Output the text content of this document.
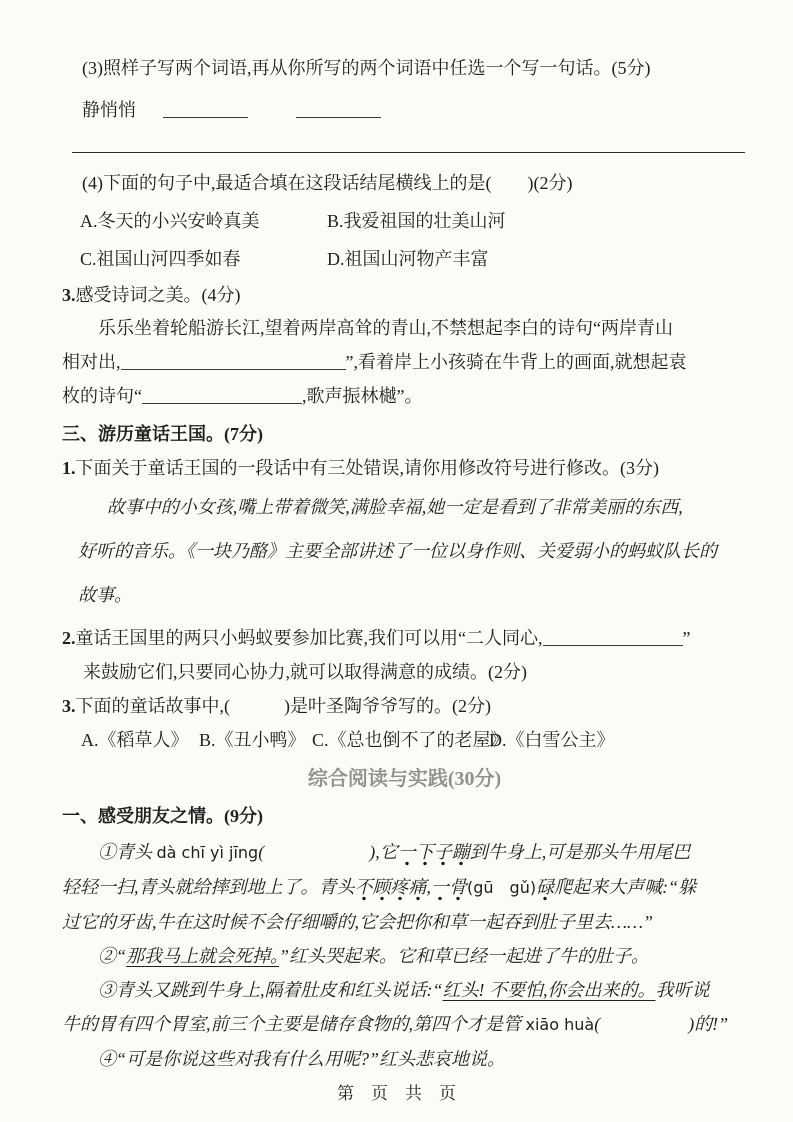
(3)照样子写两个词语,再从你所写的两个词语中任选一个写一句话。(5分)
静悄悄
(4)下面的句子中,最适合填在这段话结尾横线上的是(　　)(2分)
A.冬天的小兴安岭真美	B.我爱祖国的壮美山河
C.祖国山河四季如春	D.祖国山河物产丰富
3.感受诗词之美。(4分)
乐乐坐着轮船游长江,望着两岸高耸的青山,不禁想起李白的诗句“两岸青山
相对出,	”,看着岸上小孩骑在牛背上的画面,就想起袁
枚的诗句“	,歌声振林樾”。
三、游历童话王国。(7分)
1.下面关于童话王国的一段话中有三处错误,请你用修改符号进行修改。(3分)
故事中的小女孩,嘴上带着微笑,满脸幸福,她一定是看到了非常美丽的东西,
好听的音乐。《一块乃酪》主要全部讲述了一位以身作则、关爱弱小的蚂蚁队长的
故事。
2.童话王国里的两只小蚂蚁要参加比赛,我们可以用“二人同心,	”
来鼓励它们,只要同心协力,就可以取得满意的成绩。(2分)
3.下面的童话故事中,(　　　)是叶圣陶爷爷写的。(2分)
A.《稻草人》 B.《丑小鸭》 C.《总也倒不了的老屋》
D.《白雪公主》
综合阅读与实践(30分)
一、感受朋友之情。(9分)
①青头 dà chī yì jīng(	),它一下子蹦到牛身上,可是那头牛用尾巴
轻轻一扫,青头就给摔到地上了。青头不顾疼痛,一骨(gū　gǔ)碌爬起来大声喊:“躲
过它的牙齿,牛在这时候不会仔细嚼的,它会把你和草一起吞到肚子里去……”
②“那我马上就会死掉。”红头哭起来。它和草已经一起进了牛的肚子。
③青头又跳到牛身上,隔着肚皮和红头说话:“红头! 不要怕,你会出来的。我听说
牛的胃有四个胃室,前三个主要是储存食物的,第四个才是管 xiāo huà(	)的!”
④“可是你说这些对我有什么用呢?”红头悲哀地说。
第　页　共　页
